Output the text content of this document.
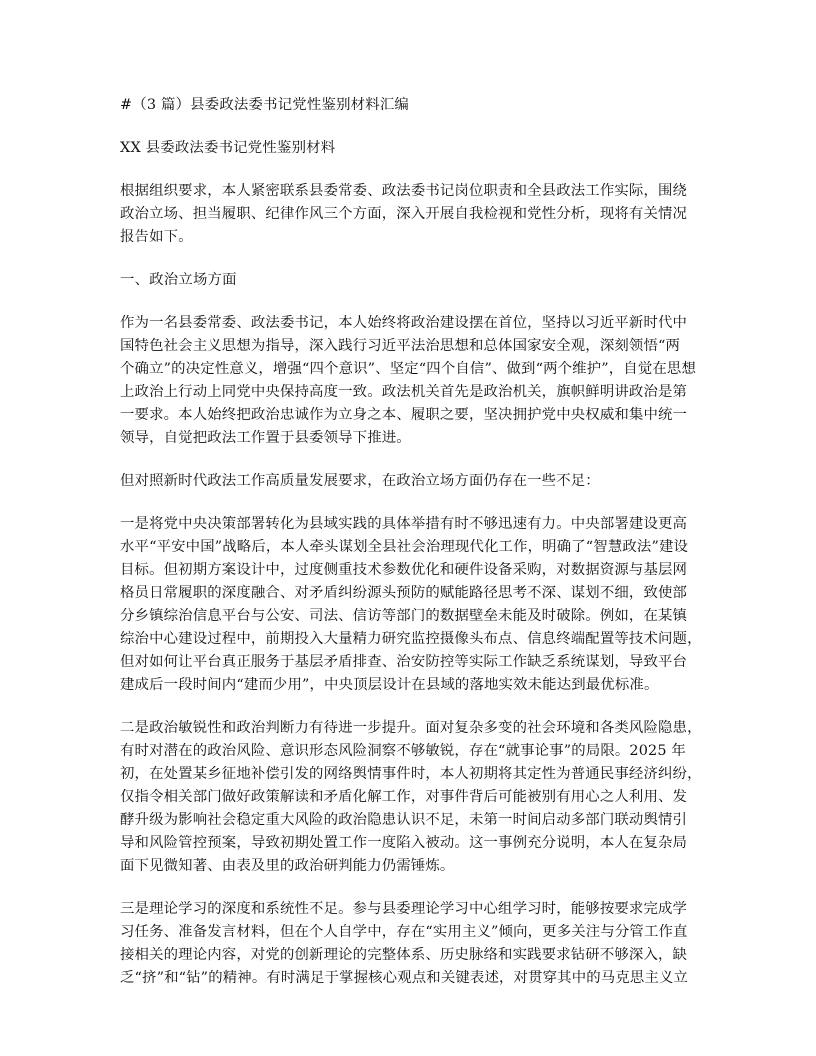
#（3 篇）县委政法委书记党性鉴别材料汇编

XX 县委政法委书记党性鉴别材料

根据组织要求，本人紧密联系县委常委、政法委书记岗位职责和全县政法工作实际，围绕

政治立场、担当履职、纪律作风三个方面，深入开展自我检视和党性分析，现将有关情况

报告如下。

一、政治立场方面

作为一名县委常委、政法委书记，本人始终将政治建设摆在首位，坚持以习近平新时代中

国特色社会主义思想为指导，深入践行习近平法治思想和总体国家安全观，深刻领悟“两

个确立”的决定性意义，增强“四个意识”、坚定“四个自信”、做到“两个维护”，自觉在思想

上政治上行动上同党中央保持高度一致。政法机关首先是政治机关，旗帜鲜明讲政治是第

一要求。本人始终把政治忠诚作为立身之本、履职之要，坚决拥护党中央权威和集中统一

领导，自觉把政法工作置于县委领导下推进。

但对照新时代政法工作高质量发展要求，在政治立场方面仍存在一些不足：

一是将党中央决策部署转化为县域实践的具体举措有时不够迅速有力。中央部署建设更高

水平“平安中国”战略后，本人牵头谋划全县社会治理现代化工作，明确了“智慧政法”建设

目标。但初期方案设计中，过度侧重技术参数优化和硬件设备采购，对数据资源与基层网

格员日常履职的深度融合、对矛盾纠纷源头预防的赋能路径思考不深、谋划不细，致使部

分乡镇综治信息平台与公安、司法、信访等部门的数据壁垒未能及时破除。例如，在某镇

综治中心建设过程中，前期投入大量精力研究监控摄像头布点、信息终端配置等技术问题，

但对如何让平台真正服务于基层矛盾排查、治安防控等实际工作缺乏系统谋划，导致平台

建成后一段时间内“建而少用”，中央顶层设计在县域的落地实效未能达到最优标准。

二是政治敏锐性和政治判断力有待进一步提升。面对复杂多变的社会环境和各类风险隐患，

有时对潜在的政治风险、意识形态风险洞察不够敏锐，存在“就事论事”的局限。2025 年

初，在处置某乡征地补偿引发的网络舆情事件时，本人初期将其定性为普通民事经济纠纷，

仅指令相关部门做好政策解读和矛盾化解工作，对事件背后可能被别有用心之人利用、发

酵升级为影响社会稳定重大风险的政治隐患认识不足，未第一时间启动多部门联动舆情引

导和风险管控预案，导致初期处置工作一度陷入被动。这一事例充分说明，本人在复杂局

面下见微知著、由表及里的政治研判能力仍需锤炼。

三是理论学习的深度和系统性不足。参与县委理论学习中心组学习时，能够按要求完成学

习任务、准备发言材料，但在个人自学中，存在“实用主义”倾向，更多关注与分管工作直

接相关的理论内容，对党的创新理论的完整体系、历史脉络和实践要求钻研不够深入，缺

乏“挤”和“钻”的精神。有时满足于掌握核心观点和关键表述，对贯穿其中的马克思主义立
